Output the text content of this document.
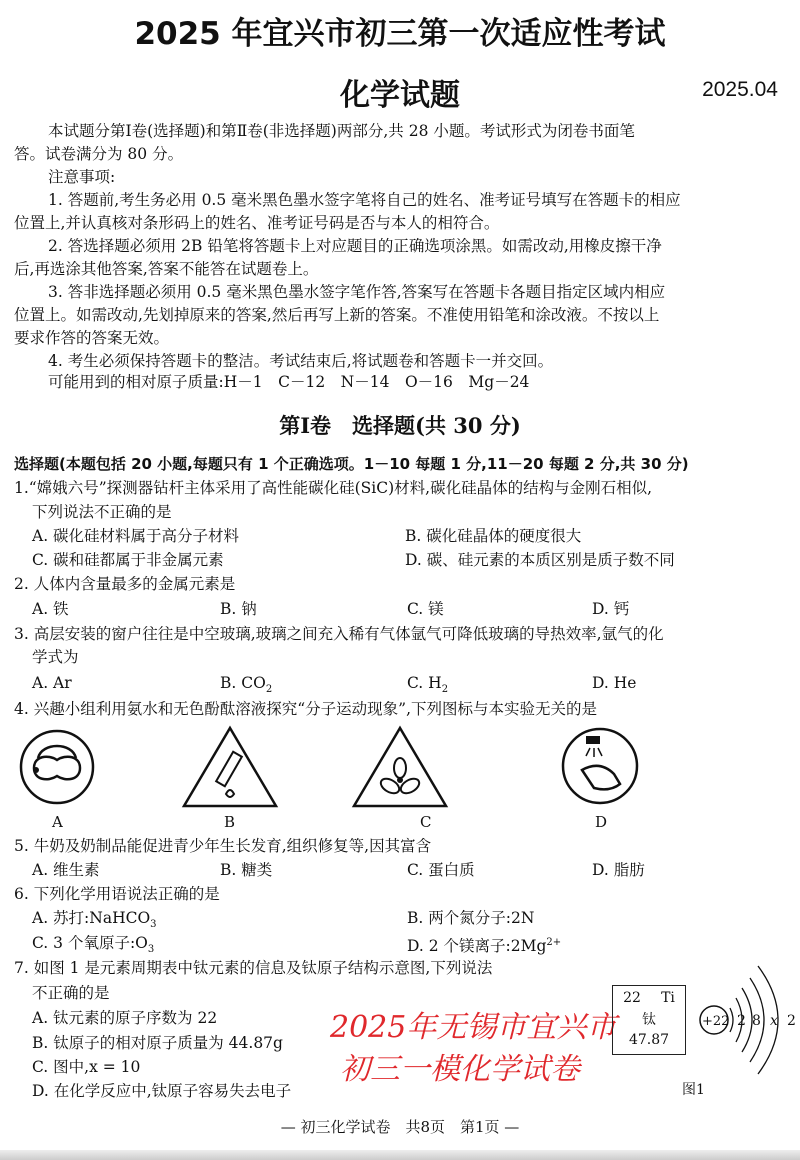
2025 年宜兴市初三第一次适应性考试
化学试题	2025.04
本试题分第Ⅰ卷(选择题)和第Ⅱ卷(非选择题)两部分,共 28 小题。考试形式为闭卷书面笔
答。试卷满分为 80 分。
注意事项:
1. 答题前,考生务必用 0.5 毫米黑色墨水签字笔将自己的姓名、准考证号填写在答题卡的相应
位置上,并认真核对条形码上的姓名、准考证号码是否与本人的相符合。
2. 答选择题必须用 2B 铅笔将答题卡上对应题目的正确选项涂黑。如需改动,用橡皮擦干净
后,再选涂其他答案,答案不能答在试题卷上。
3. 答非选择题必须用 0.5 毫米黑色墨水签字笔作答,答案写在答题卡各题目指定区域内相应
位置上。如需改动,先划掉原来的答案,然后再写上新的答案。不准使用铅笔和涂改液。不按以上
要求作答的答案无效。
4. 考生必须保持答题卡的整洁。考试结束后,将试题卷和答题卡一并交回。
可能用到的相对原子质量:H－1　C－12　N－14　O－16　Mg－24
第Ⅰ卷　选择题(共 30 分)
选择题(本题包括 20 小题,每题只有 1 个正确选项。1－10 每题 1 分,11－20 每题 2 分,共 30 分)
1.“嫦娥六号”探测器钻杆主体采用了高性能碳化硅(SiC)材料,碳化硅晶体的结构与金刚石相似,
下列说法不正确的是
A. 碳化硅材料属于高分子材料	B. 碳化硅晶体的硬度很大
C. 碳和硅都属于非金属元素	D. 碳、硅元素的本质区别是质子数不同
2. 人体内含量最多的金属元素是
A. 铁	B. 钠	C. 镁	D. 钙
3. 高层安装的窗户往往是中空玻璃,玻璃之间充入稀有气体氩气可降低玻璃的导热效率,氩气的化
学式为
A. Ar	B. $CO_2$	C. $H_2$	D. He
4. 兴趣小组利用氨水和无色酚酞溶液探究“分子运动现象”,下列图标与本实验无关的是
A	B	C	D
5. 牛奶及奶制品能促进青少年生长发育,组织修复等,因其富含
A. 维生素	B. 糖类	C. 蛋白质	D. 脂肪
6. 下列化学用语说法正确的是
A. 苏打:NaHCO$_3$	B. 两个氮分子:2N
C. 3 个氧原子$:O_3$	D. 2 个镁离子$:2Mg^{2+}$
7. 如图 1 是元素周期表中钛元素的信息及钛原子结构示意图,下列说法
不正确的是
A. 钛元素的原子序数为 22
B. 钛原子的相对原子质量为 44.87g
C. 图中,x = 10
D. 在化学反应中,钛原子容易失去电子
2025年无锡市宜兴市
初三一模化学试卷
22 Ti
钛
47.87
+22 2 8 x 2
图1
— 初三化学试卷　共8页　第1页 —
